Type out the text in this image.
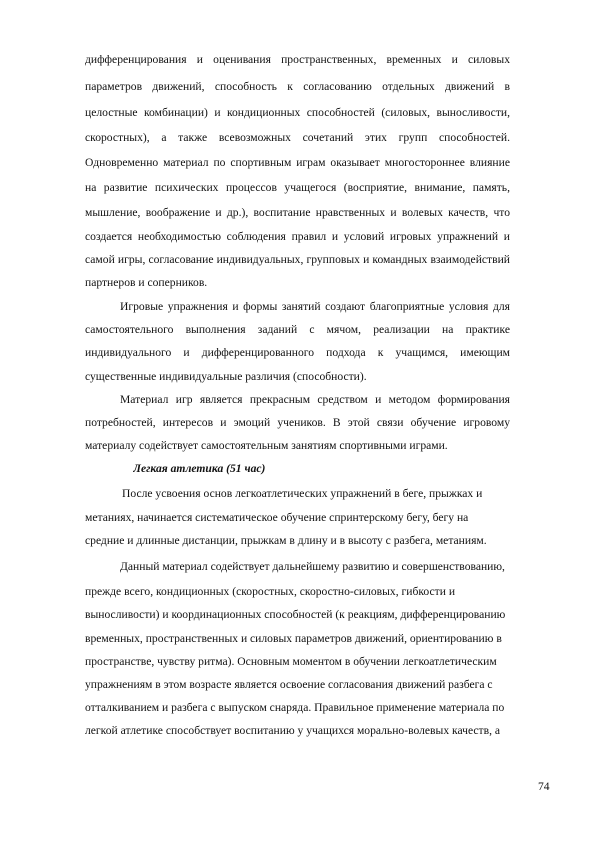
дифференцирования и оценивания пространственных, временных и силовых
параметров движений, способность к согласованию отдельных движений в
целостные комбинации) и кондиционных способностей (силовых, выносливости,
скоростных), а также всевозможных сочетаний этих групп способностей.
Одновременно материал по спортивным играм оказывает многостороннее влияние
на развитие психических процессов учащегося (восприятие, внимание, память,
мышление, воображение и др.), воспитание нравственных и волевых качеств, что
создается необходимостью соблюдения правил и условий игровых упражнений и
самой игры, согласование индивидуальных, групповых и командных взаимодействий
партнеров и соперников.
Игровые упражнения и формы занятий создают благоприятные условия для
самостоятельного выполнения заданий с мячом, реализации на практике
индивидуального и дифференцированного подхода к учащимся, имеющим
существенные индивидуальные различия (способности).
Материал игр является прекрасным средством и методом формирования
потребностей, интересов и эмоций учеников. В этой связи обучение игровому
материалу содействует самостоятельным занятиям спортивными играми.
Легкая атлетика (51 час)
После усвоения основ легкоатлетических упражнений в беге, прыжках и
метаниях, начинается систематическое обучение спринтерскому бегу, бегу на
средние и длинные дистанции, прыжкам в длину и в высоту с разбега, метаниям.
Данный материал содействует дальнейшему развитию и совершенствованию,
прежде всего, кондиционных (скоростных, скоростно-силовых, гибкости и
выносливости) и координационных способностей (к реакциям, дифференцированию
временных, пространственных и силовых параметров движений, ориентированию в
пространстве, чувству ритма). Основным моментом в обучении легкоатлетическим
упражнениям в этом возрасте является освоение согласования движений разбега с
отталкиванием и разбега с выпуском снаряда. Правильное применение материала по
легкой атлетике способствует воспитанию у учащихся морально-волевых качеств, а
74
